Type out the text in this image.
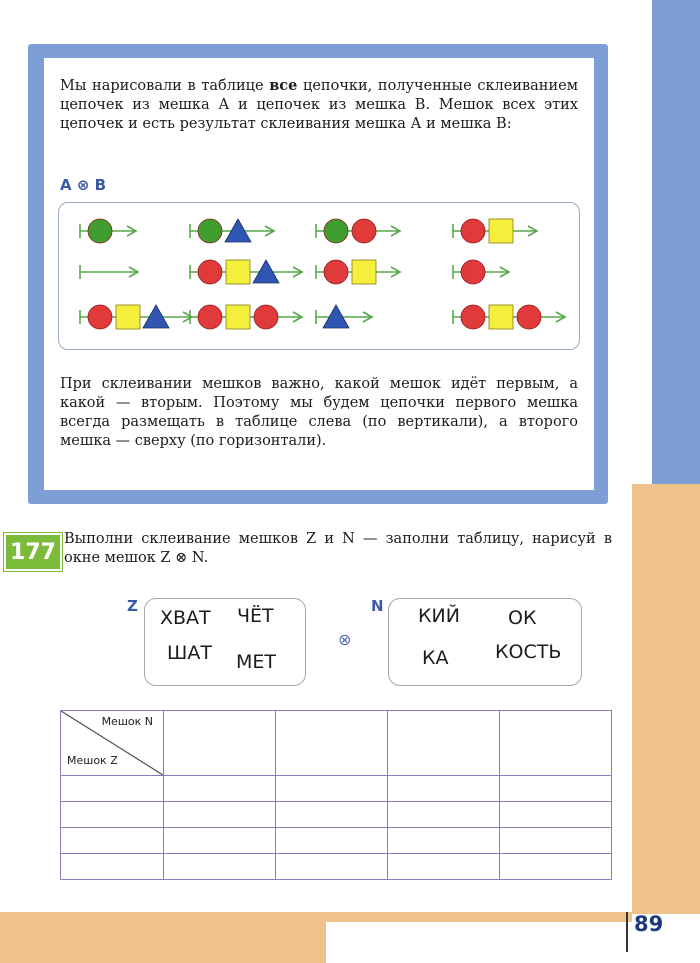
89
Мы нарисовали в таблице все цепочки, полученные склеиванием цепочек из мешка А и цепочек из мешка В. Мешок всех этих цепочек и есть результат склеивания мешка А и мешка В:
A ⊗ B
При склеивании мешков важно, какой мешок идёт первым, а какой — вторым. Поэтому мы будем цепочки первого мешка всегда размещать в таблице слева (по вертикали), а второго мешка — сверху (по горизонтали).
177
Выполни склеивание мешков Z и N — заполни таблицу, нарисуй в окне мешок Z ⊗ N.
Z
ХВАТ ЧЁТ
ШАТ МЕТ
⊗
N КИЙ	ОК
КА КОСТЬ
Мешок N
Мешок Z				
